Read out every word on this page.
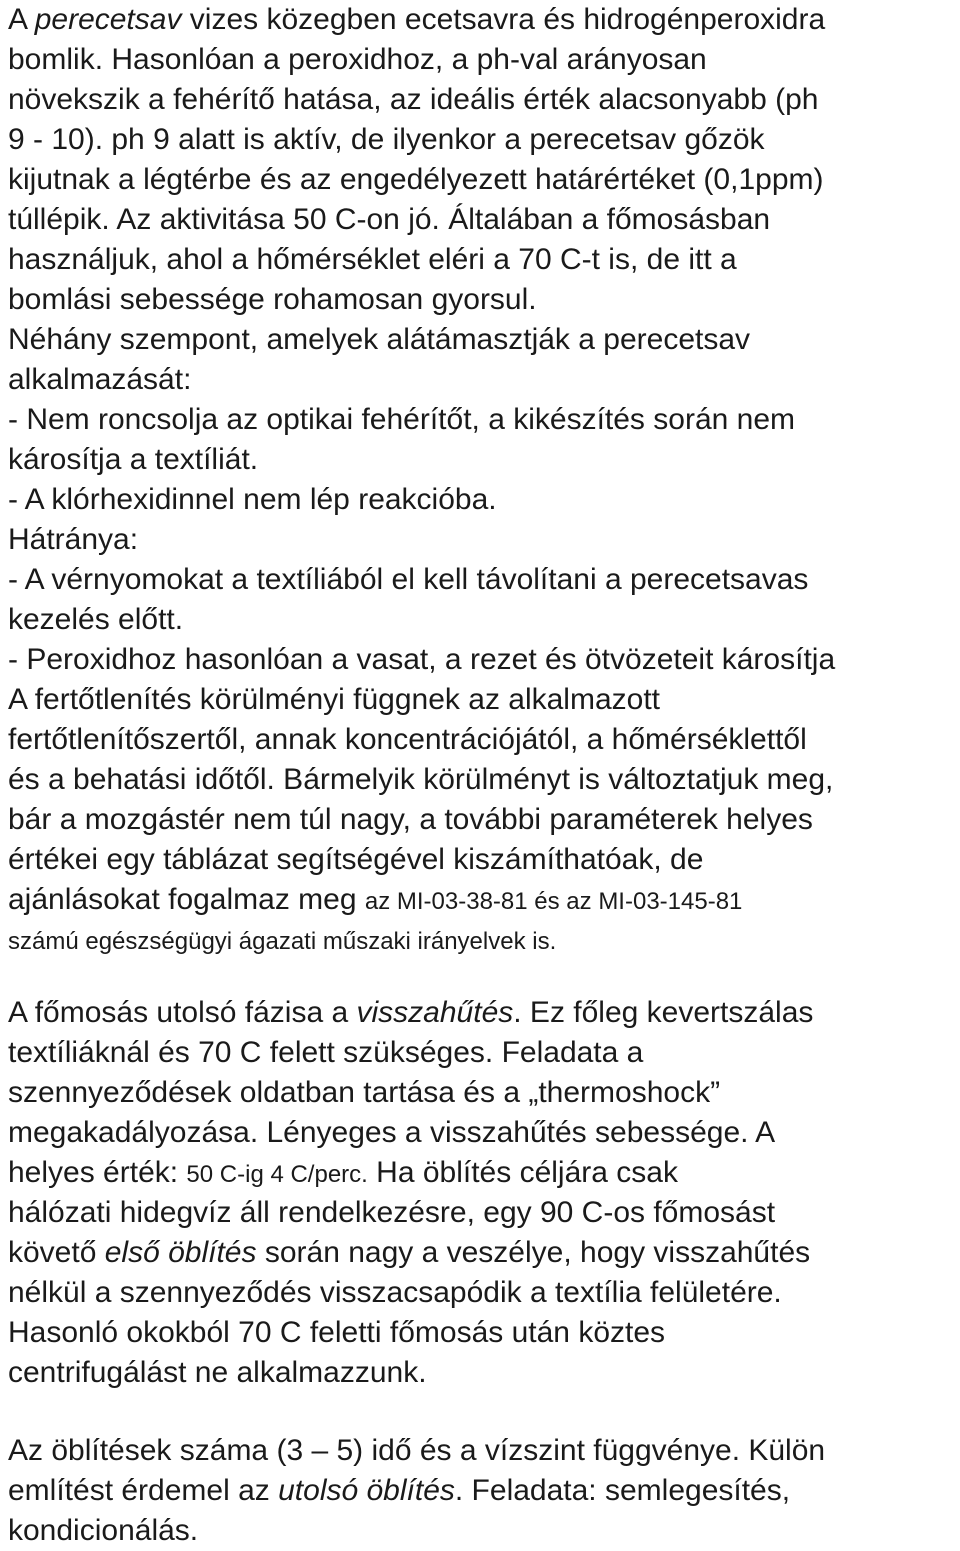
A perecetsav vizes közegben ecetsavra és hidrogénperoxidra
bomlik. Hasonlóan a peroxidhoz, a ph-val arányosan
növekszik a fehérítő hatása, az ideális érték alacsonyabb (ph
9 - 10). ph 9 alatt is aktív, de ilyenkor a perecetsav gőzök
kijutnak a légtérbe és az engedélyezett határértéket (0,1ppm)
túllépik. Az aktivitása 50 C-on jó. Általában a főmosásban
használjuk, ahol a hőmérséklet eléri a 70 C-t is, de itt a
bomlási sebessége rohamosan gyorsul.
Néhány szempont, amelyek alátámasztják a perecetsav
alkalmazását:
- Nem roncsolja az optikai fehérítőt, a kikészítés során nem
károsítja a textíliát.
- A klórhexidinnel nem lép reakcióba.
Hátránya:
- A vérnyomokat a textíliából el kell távolítani a perecetsavas
kezelés előtt.
- Peroxidhoz hasonlóan a vasat, a rezet és ötvözeteit károsítja
A fertőtlenítés körülményi függnek az alkalmazott
fertőtlenítőszertől, annak koncentrációjától, a hőmérséklettől
és a behatási időtől. Bármelyik körülményt is változtatjuk meg,
bár a mozgástér nem túl nagy, a további paraméterek helyes
értékei egy táblázat segítségével kiszámíthatóak, de
ajánlásokat fogalmaz meg az MI-03-38-81 és az MI-03-145-81
számú egészségügyi ágazati műszaki irányelvek is.
A főmosás utolsó fázisa a visszahűtés. Ez főleg kevertszálas
textíliáknál és 70 C felett szükséges. Feladata a
szennyeződések oldatban tartása és a „thermoshock”
megakadályozása. Lényeges a visszahűtés sebessége. A
helyes érték: 50 C-ig 4 C/perc. Ha öblítés céljára csak
hálózati hidegvíz áll rendelkezésre, egy 90 C-os főmosást
követő első öblítés során nagy a veszélye, hogy visszahűtés
nélkül a szennyeződés visszacsapódik a textília felületére.
Hasonló okokból 70 C feletti főmosás után köztes
centrifugálást ne alkalmazzunk.
Az öblítések száma (3 – 5) idő és a vízszint függvénye. Külön
említést érdemel az utolsó öblítés. Feladata: semlegesítés,
kondicionálás.
